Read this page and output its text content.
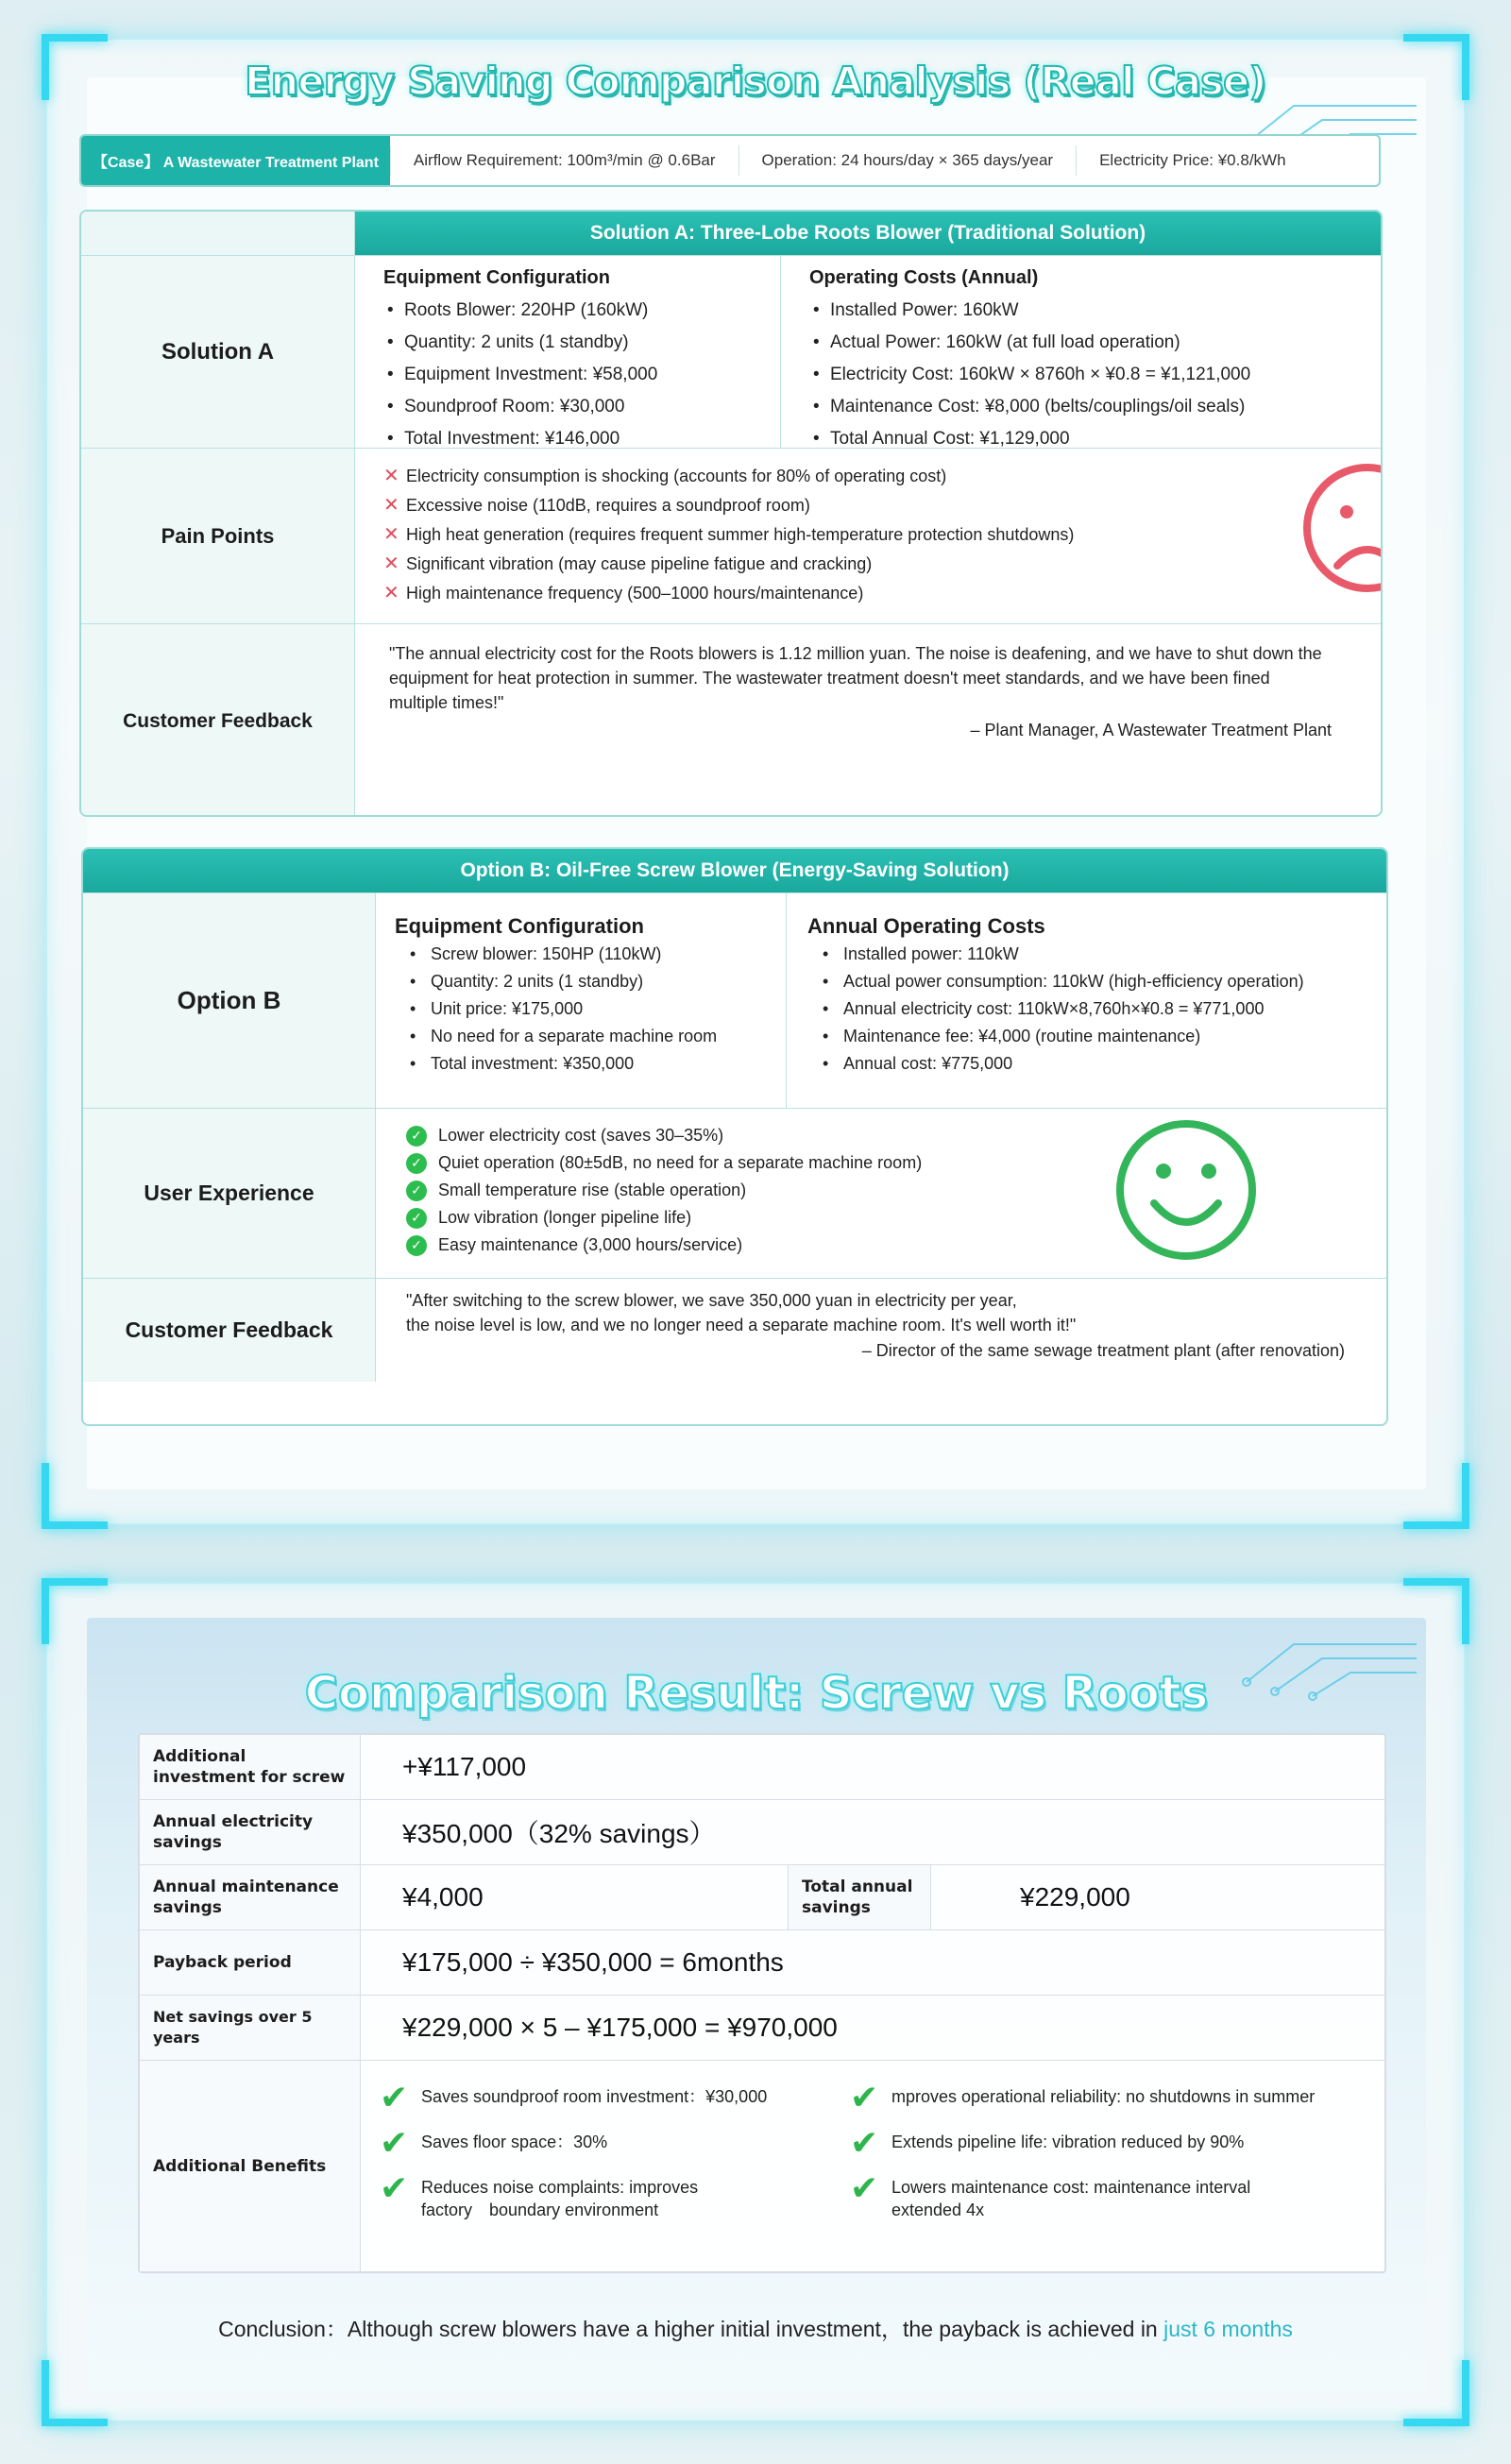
Energy Saving Comparison Analysis (Real Case)
【Case】 A Wastewater Treatment Plant	Airflow Requirement: 100m³/min @ 0.6Bar	Operation: 24 hours/day × 365 days/year	Electricity Price: ¥0.8/kWh
Solution A: Three-Lobe Roots Blower (Traditional Solution)
Solution A
Equipment Configuration
• Roots Blower: 220HP (160kW)
• Quantity: 2 units (1 standby)
• Equipment Investment: ¥58,000
• Soundproof Room: ¥30,000
• Total Investment: ¥146,000
Operating Costs (Annual)
• Installed Power: 160kW
• Actual Power: 160kW (at full load operation)
• Electricity Cost: 160kW × 8760h × ¥0.8 = ¥1,121,000
• Maintenance Cost: ¥8,000 (belts/couplings/oil seals)
• Total Annual Cost: ¥1,129,000
Pain Points
✕ Electricity consumption is shocking (accounts for 80% of operating cost)
✕ Excessive noise (110dB, requires a soundproof room)
✕ High heat generation (requires frequent summer high-temperature protection shutdowns)
✕ Significant vibration (may cause pipeline fatigue and cracking)
✕ High maintenance frequency (500–1000 hours/maintenance)
Customer Feedback
"The annual electricity cost for the Roots blowers is 1.12 million yuan. The noise is deafening, and we have to shut down the equipment for heat protection in summer. The wastewater treatment doesn't meet standards, and we have been fined multiple times!"
– Plant Manager, A Wastewater Treatment Plant
Option B: Oil-Free Screw Blower (Energy-Saving Solution)
Option B
Equipment Configuration
• Screw blower: 150HP (110kW)
• Quantity: 2 units (1 standby)
• Unit price: ¥175,000
• No need for a separate machine room
• Total investment: ¥350,000
Annual Operating Costs
• Installed power: 110kW
• Actual power consumption: 110kW (high-efficiency operation)
• Annual electricity cost: 110kW×8,760h×¥0.8 = ¥771,000
• Maintenance fee: ¥4,000 (routine maintenance)
• Annual cost: ¥775,000
User Experience
✓ Lower electricity cost (saves 30–35%)
✓ Quiet operation (80±5dB, no need for a separate machine room)
✓ Small temperature rise (stable operation)
✓ Low vibration (longer pipeline life)
✓ Easy maintenance (3,000 hours/service)
Customer Feedback
"After switching to the screw blower, we save 350,000 yuan in electricity per year,
the noise level is low, and we no longer need a separate machine room. It's well worth it!"
– Director of the same sewage treatment plant (after renovation)
Comparison Result: Screw vs Roots
Additional investment for screw	+¥117,000
Annual electricity savings	¥350,000（32% savings）
Annual maintenance savings	¥4,000	Total annual savings	¥229,000
Payback period	¥175,000 ÷ ¥350,000 = 6months
Net savings over 5 years	¥229,000 × 5 – ¥175,000 = ¥970,000
Additional Benefits
✔ Saves soundproof room investment：¥30,000
✔ Saves floor space：30%
✔ Reduces noise complaints: improves factory　boundary environment
✔ mproves operational reliability: no shutdowns in summer
✔ Extends pipeline life: vibration reduced by 90%
✔ Lowers maintenance cost: maintenance interval extended 4x
Conclusion：Although screw blowers have a higher initial investment，the payback is achieved in just 6 months
